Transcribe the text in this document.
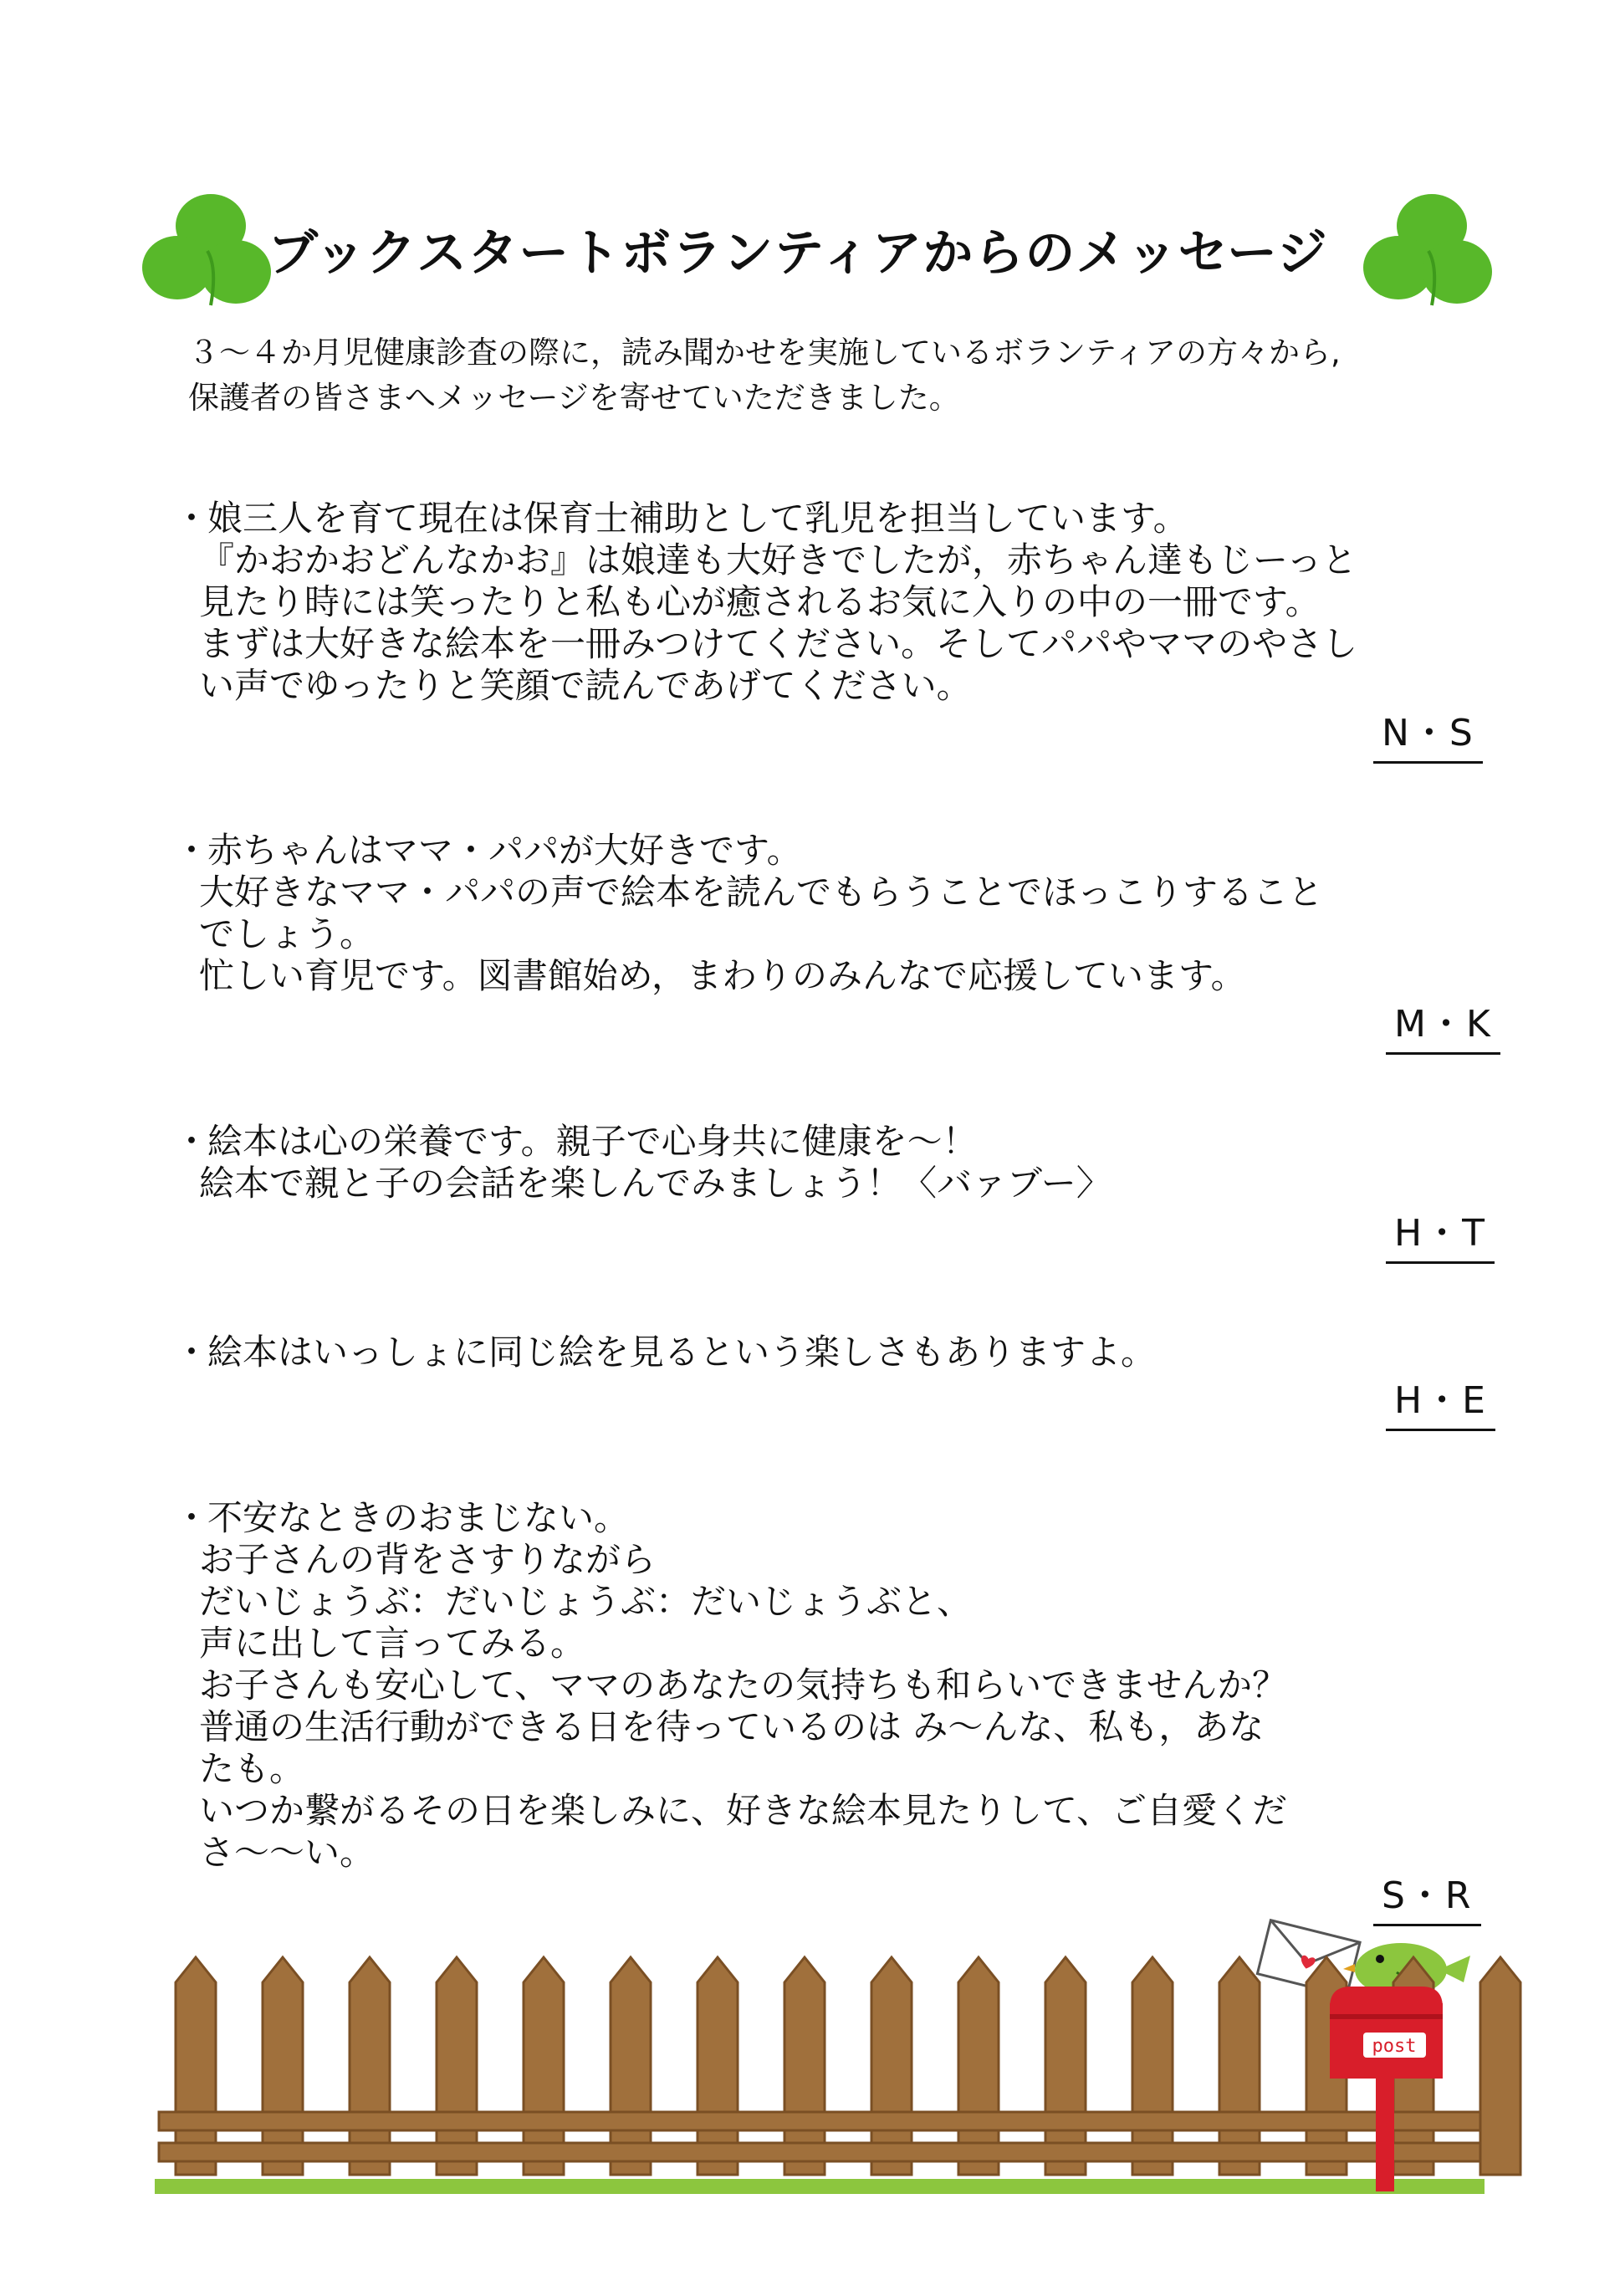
ブックスタートボランティアからのメッセージ
３～４か月児健康診査の際に，読み聞かせを実施しているボランティアの方々から,
保護者の皆さまへメッセージを寄せていただきました。
・ 娘三人を育て現在は保育士補助として乳児を担当しています。
『かおかおどんなかお』は娘達も大好きでしたが，赤ちゃん達もじーっと
見たり時には笑ったりと私も心が癒されるお気に入りの中の一冊です。
まずは大好きな絵本を一冊みつけてください。そしてパパやママのやさし
い声でゆったりと笑顔で読んであげてください。
N・S
・ 赤ちゃんはママ・パパが大好きです。
大好きなママ・パパの声で絵本を読んでもらうことでほっこりすること
でしょう。
忙しい育児です。図書館始め，まわりのみんなで応援しています。
M・K
・ 絵本は心の栄養です。親子で心身共に健康を～！
絵本で親と子の会話を楽しんでみましょう！〈バァブー〉
H・T
・ 絵本はいっしょに同じ絵を見るという楽しさもありますよ。
H・E
・ 不安なときのおまじない。
お子さんの背をさすりながら
だいじょうぶ：だいじょうぶ：だいじょうぶと、
声に出して言ってみる。
お子さんも安心して、ママのあなたの気持ちも和らいできませんか？
普通の生活行動ができる日を待っているのは み～んな、私も，あな
たも。
いつか繋がるその日を楽しみに、好きな絵本見たりして、ご自愛くだ
さ～～い。
S・R
post
